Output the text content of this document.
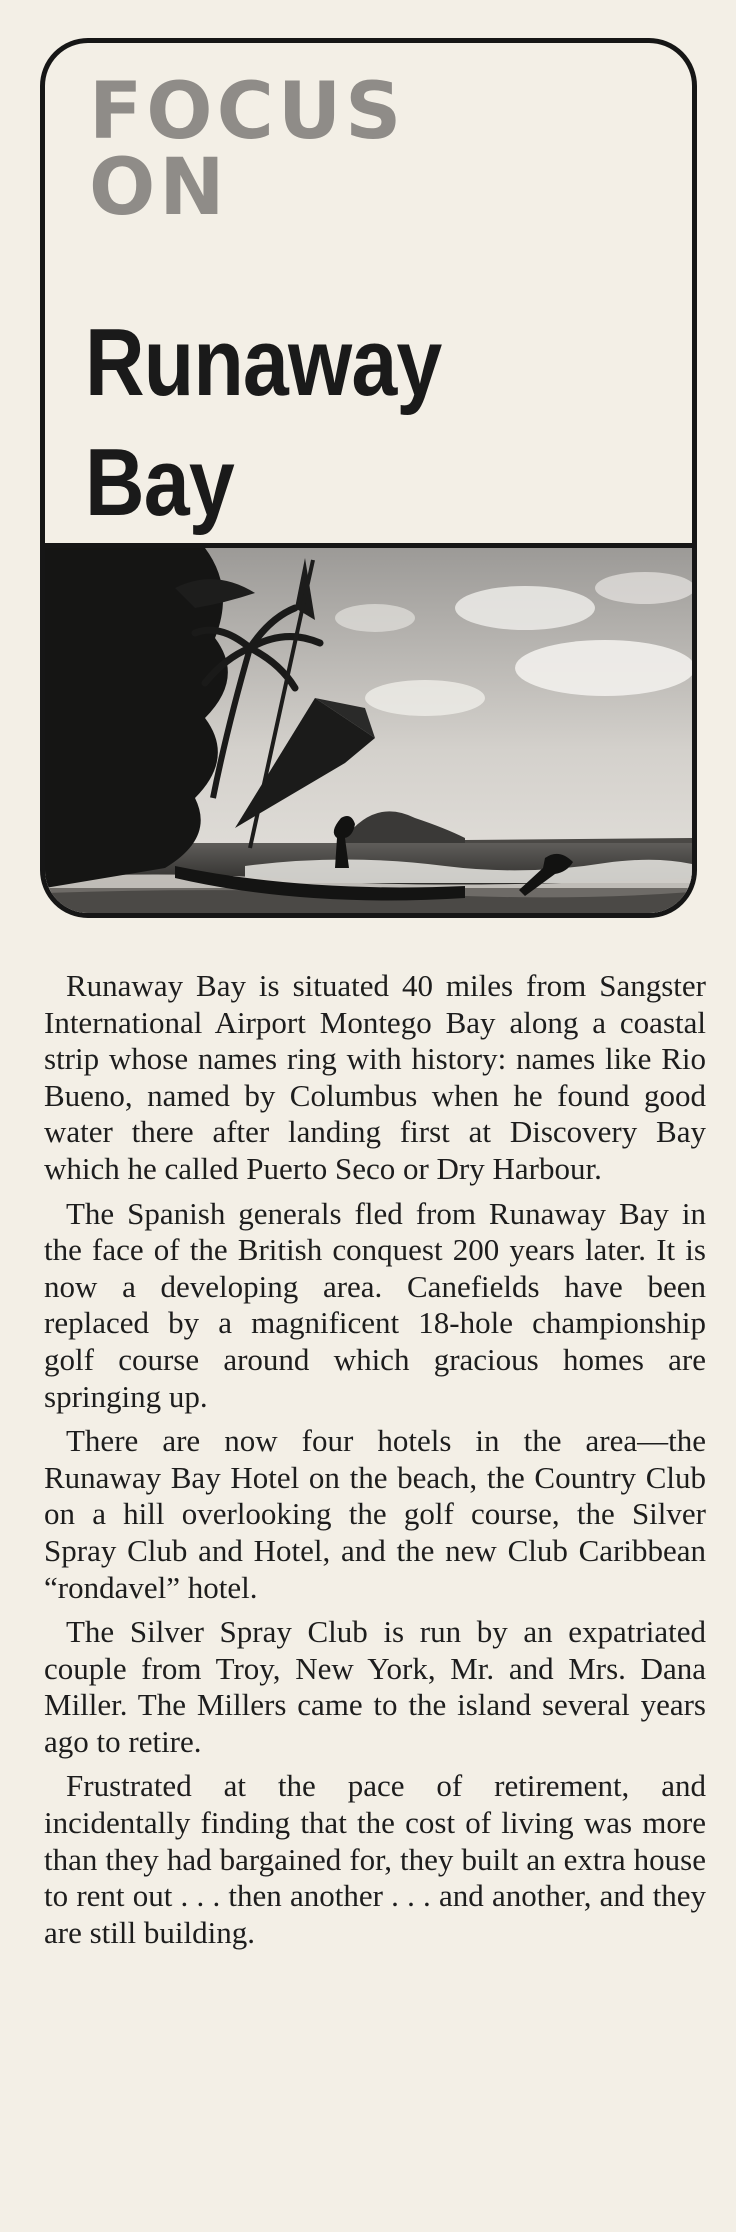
FOCUS
ON
Runaway
Bay

Runaway Bay is situated 40 miles from Sangster International Airport Montego Bay along a coastal strip whose names ring with history: names like Rio Bueno, named by Columbus when he found good water there after landing first at Discovery Bay which he called Puerto Seco or Dry Harbour.

The Spanish generals fled from Runaway Bay in the face of the British conquest 200 years later. It is now a developing area. Canefields have been replaced by a magnificent 18-hole championship golf course around which gracious homes are springing up.

There are now four hotels in the area—the Runaway Bay Hotel on the beach, the Country Club on a hill overlooking the golf course, the Silver Spray Club and Hotel, and the new Club Caribbean “rondavel” hotel.

The Silver Spray Club is run by an expatriated couple from Troy, New York, Mr. and Mrs. Dana Miller. The Millers came to the island several years ago to retire.

Frustrated at the pace of retirement, and incidentally finding that the cost of living was more than they had bargained for, they built an extra house to rent out . . . then another . . . and another, and they are still building.
